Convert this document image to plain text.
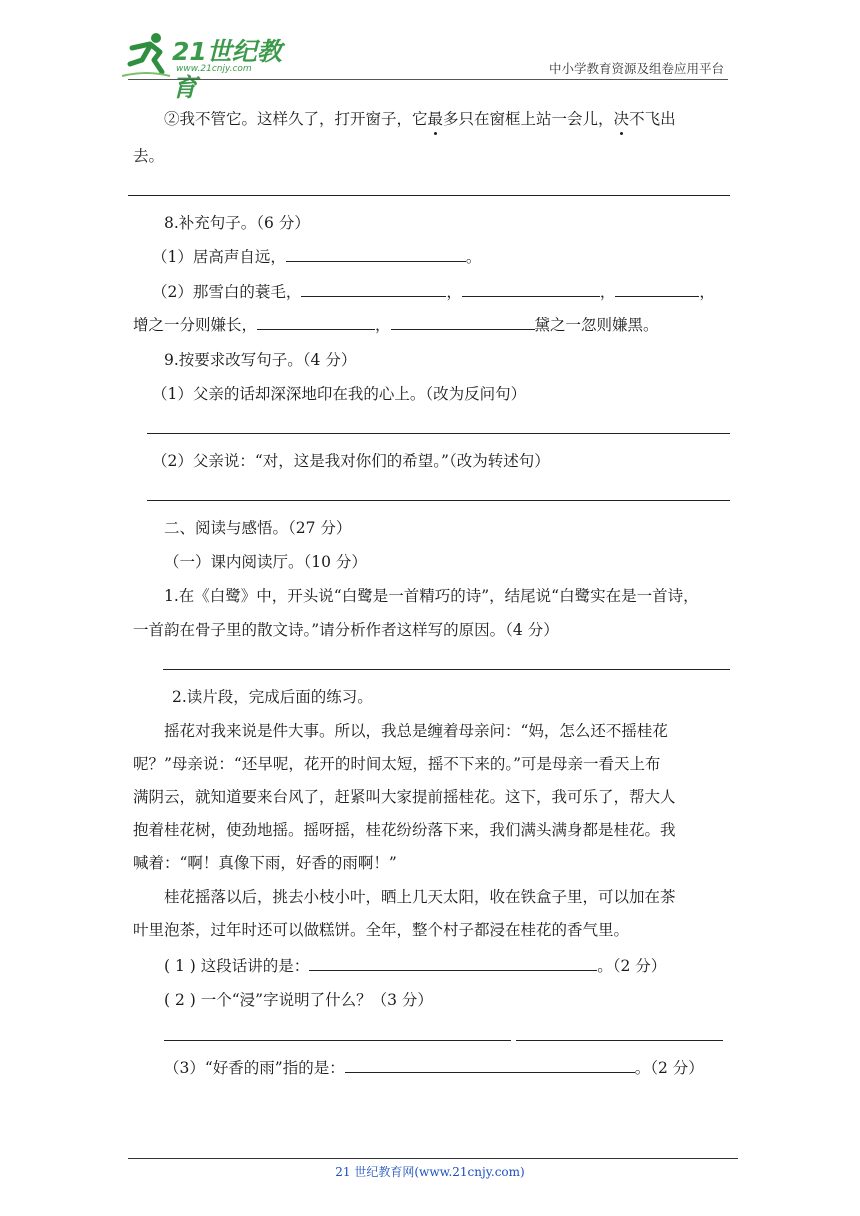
21世纪教育
www.21cnjy.com	中小学教育资源及组卷应用平台
②我不管它。这样久了，打开窗子，它最多只在窗框上站一会儿，决不飞出
去。
8.补充句子。（6 分）
（1）居高声自远，	。
（2）那雪白的蓑毛，	，	，	，
增之一分则嫌长，	，	黛之一忽则嫌黑。
9.按要求改写句子。（4 分）
（1）父亲的话却深深地印在我的心上。（改为反问句）
（2）父亲说：“对，这是我对你们的希望。”（改为转述句）
二、阅读与感悟。（27 分）
（一）课内阅读厅。（10 分）
1.在《白鹭》中，开头说“白鹭是一首精巧的诗”，结尾说“白鹭实在是一首诗，
一首韵在骨子里的散文诗。”请分析作者这样写的原因。（4 分）
2.读片段，完成后面的练习。
摇花对我来说是件大事。所以，我总是缠着母亲问：“妈，怎么还不摇桂花
呢？”母亲说：“还早呢，花开的时间太短，摇不下来的。”可是母亲一看天上布
满阴云，就知道要来台风了，赶紧叫大家提前摇桂花。这下，我可乐了，帮大人
抱着桂花树，使劲地摇。摇呀摇，桂花纷纷落下来，我们满头满身都是桂花。我
喊着：“啊！真像下雨，好香的雨啊！”
桂花摇落以后，挑去小枝小叶，晒上几天太阳，收在铁盒子里，可以加在茶
叶里泡茶，过年时还可以做糕饼。全年，整个村子都浸在桂花的香气里。
( 1 ) 这段话讲的是：	。（2 分）
( 2 ) 一个“浸”字说明了什么？（3 分）
（3）“好香的雨”指的是：	。（2 分）
21 世纪教育网(www.21cnjy.com)
